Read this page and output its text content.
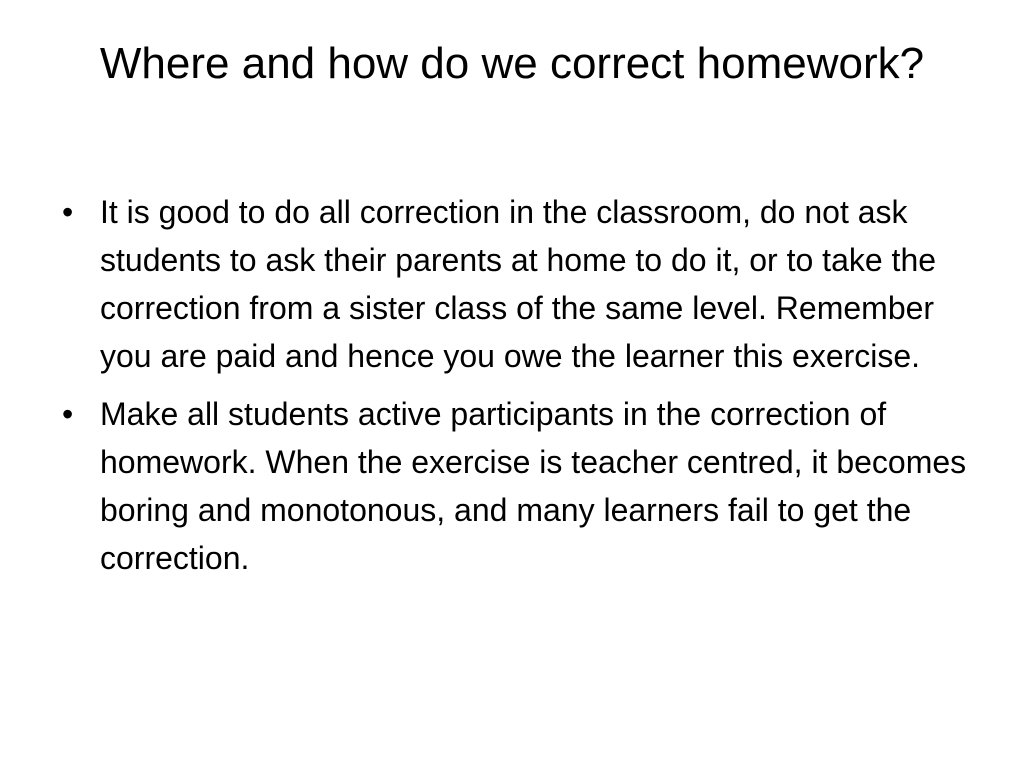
Where and how do we correct homework?
• It is good to do all correction in the classroom, do not ask students to ask their parents at home to do it, or to take the correction from a sister class of the same level. Remember you are paid and hence you owe the learner this exercise.
• Make all students active participants in the correction of homework. When the exercise is teacher centred, it becomes boring and monotonous, and many learners fail to get the correction.
